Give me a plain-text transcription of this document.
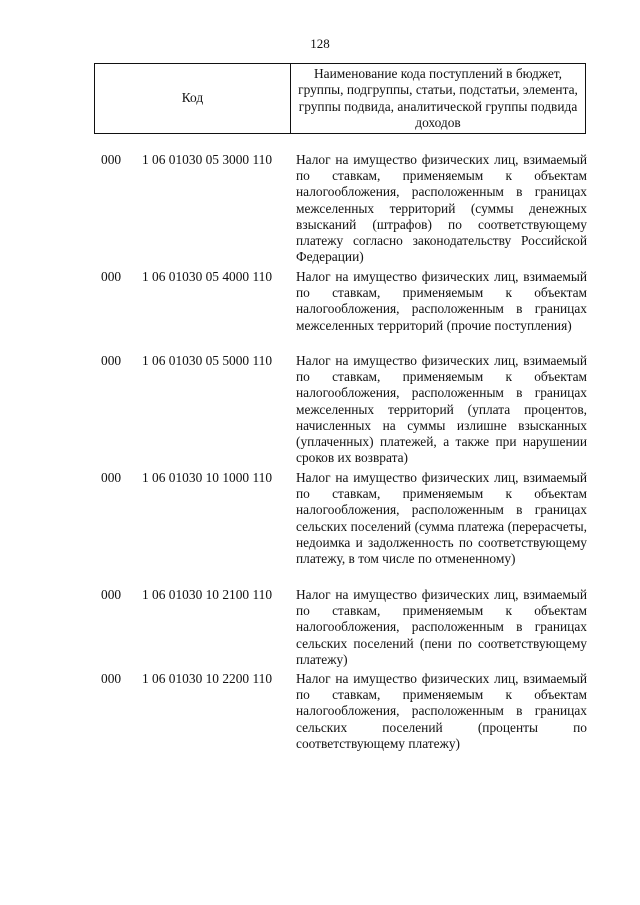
128
Код
Наименование кода поступлений в бюджет, группы, подгруппы, статьи, подстатьи, элемента, группы подвида, аналитической группы подвида доходов
000 1 06 01030 05 3000 110 Налог на имущество физических лиц, взимаемый по ставкам, применяемым к объектам налогообложения, расположенным в границах межселенных территорий (суммы денежных взысканий (штрафов) по соответствующему платежу согласно законодательству Российской Федерации)
000 1 06 01030 05 4000 110 Налог на имущество физических лиц, взимаемый по ставкам, применяемым к объектам налогообложения, расположенным в границах межселенных территорий (прочие поступления)
000 1 06 01030 05 5000 110 Налог на имущество физических лиц, взимаемый по ставкам, применяемым к объектам налогообложения, расположенным в границах межселенных территорий (уплата процентов, начисленных на суммы излишне взысканных (уплаченных) платежей, а также при нарушении сроков их возврата)
000 1 06 01030 10 1000 110 Налог на имущество физических лиц, взимаемый по ставкам, применяемым к объектам налогообложения, расположенным в границах сельских поселений (сумма платежа (перерасчеты, недоимка и задолженность по соответствующему платежу, в том числе по отмененному)
000 1 06 01030 10 2100 110 Налог на имущество физических лиц, взимаемый по ставкам, применяемым к объектам налогообложения, расположенным в границах сельских поселений (пени по соответствующему платежу)
000 1 06 01030 10 2200 110 Налог на имущество физических лиц, взимаемый по ставкам, применяемым к объектам налогообложения, расположенным в границах сельских поселений (проценты по соответствующему платежу)
